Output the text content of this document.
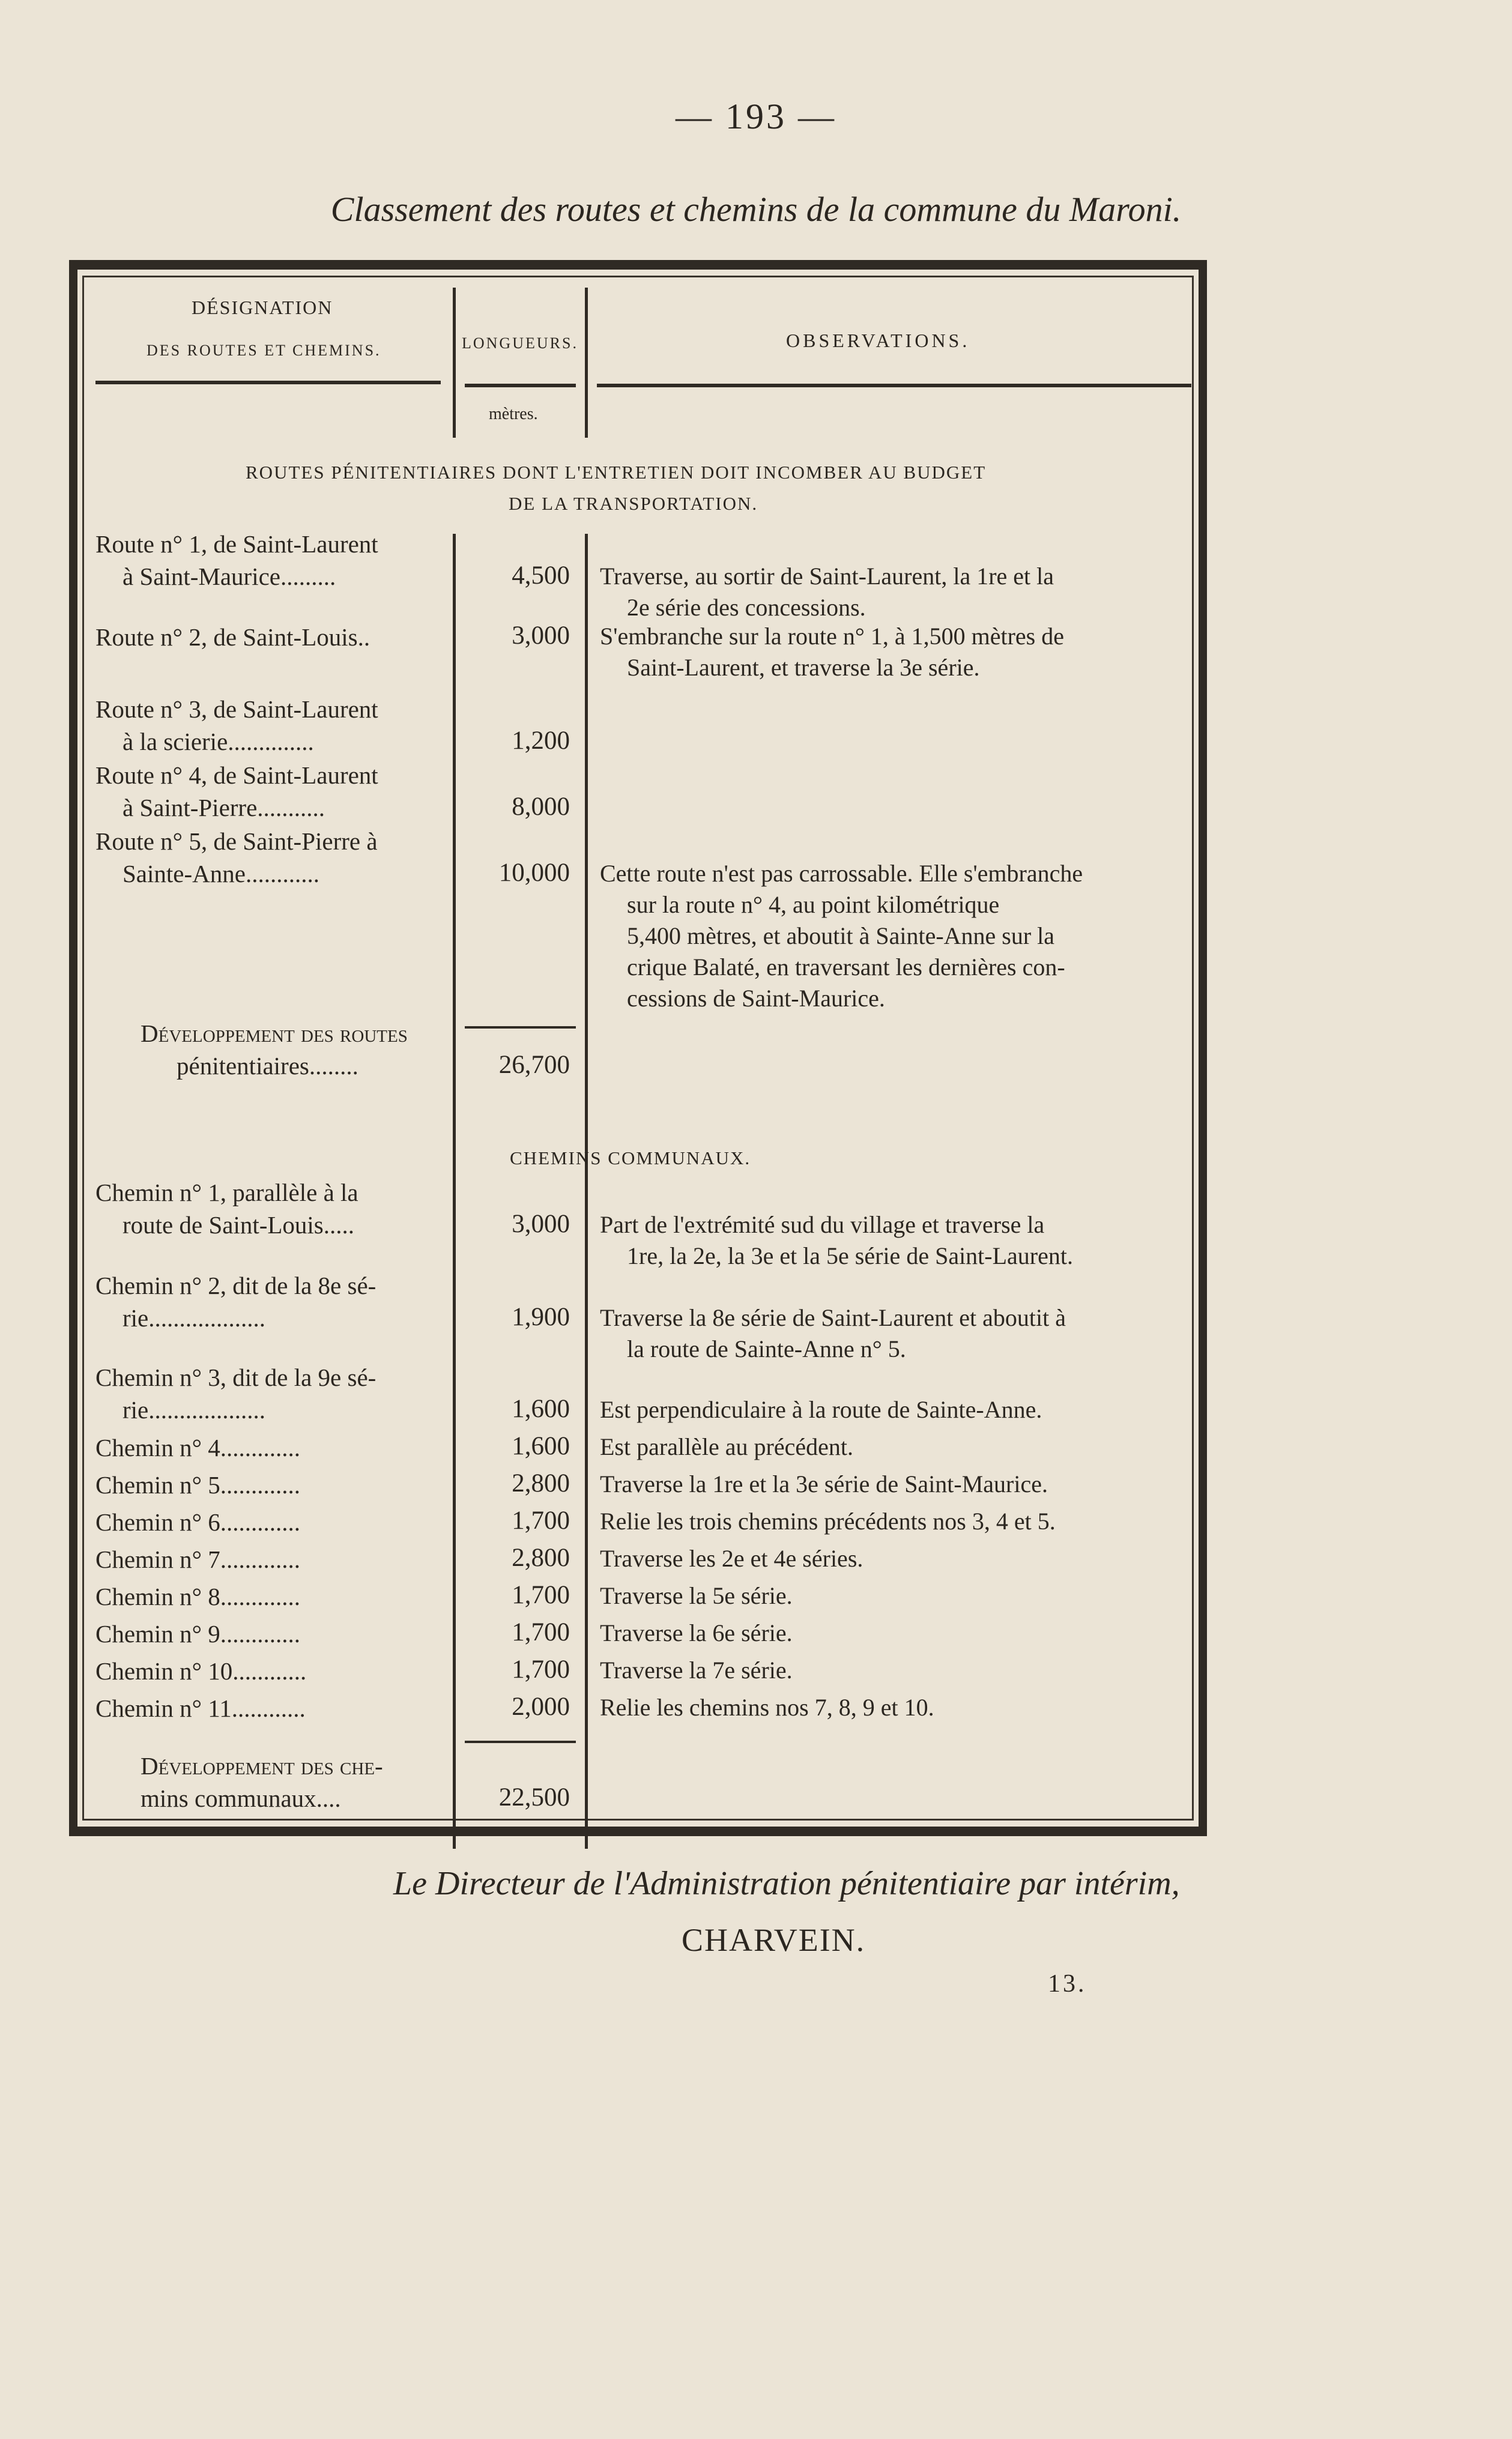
— 193 —
Classement des routes et chemins de la commune du Maroni.
DÉSIGNATION
DES ROUTES ET CHEMINS.	LONGUEURS.	OBSERVATIONS.
mètres.
ROUTES PÉNITENTIAIRES DONT L'ENTRETIEN DOIT INCOMBER AU BUDGET
DE LA TRANSPORTATION.
Route n° 1, de Saint-Laurent
à Saint-Maurice.........	4,500 Traverse, au sortir de Saint-Laurent, la 1re et la
2e série des concessions.
Route n° 2, de Saint-Louis..	3,000 S'embranche sur la route n° 1, à 1,500 mètres de
Saint-Laurent, et traverse la 3e série.
Route n° 3, de Saint-Laurent
à la scierie..............	1,200
Route n° 4, de Saint-Laurent
à Saint-Pierre...........	8,000
Route n° 5, de Saint-Pierre à
Sainte-Anne............	10,000 Cette route n'est pas carrossable. Elle s'embranche
sur la route n° 4, au point kilométrique
5,400 mètres, et aboutit à Sainte-Anne sur la
crique Balaté, en traversant les dernières con-
cessions de Saint-Maurice.
Développement des routes
pénitentiaires........	26,700
CHEMINS COMMUNAUX.
Chemin n° 1, parallèle à la
route de Saint-Louis.....	3,000 Part de l'extrémité sud du village et traverse la
1re, la 2e, la 3e et la 5e série de Saint-Laurent.
Chemin n° 2, dit de la 8e sé-
rie...................	1,900 Traverse la 8e série de Saint-Laurent et aboutit à
la route de Sainte-Anne n° 5.
Chemin n° 3, dit de la 9e sé-
rie...................	1,600 Est perpendiculaire à la route de Sainte-Anne.
Chemin n° 4.............	1,600 Est parallèle au précédent.
Chemin n° 5.............	2,800 Traverse la 1re et la 3e série de Saint-Maurice.
Chemin n° 6.............	1,700 Relie les trois chemins précédents nos 3, 4 et 5.
Chemin n° 7.............	2,800 Traverse les 2e et 4e séries.
Chemin n° 8.............	1,700 Traverse la 5e série.
Chemin n° 9.............	1,700 Traverse la 6e série.
Chemin n° 10............	1,700 Traverse la 7e série.
Chemin n° 11............	2,000 Relie les chemins nos 7, 8, 9 et 10.
Développement des che-
mins communaux....	22,500
Le Directeur de l'Administration pénitentiaire par intérim,
CHARVEIN.
13.
